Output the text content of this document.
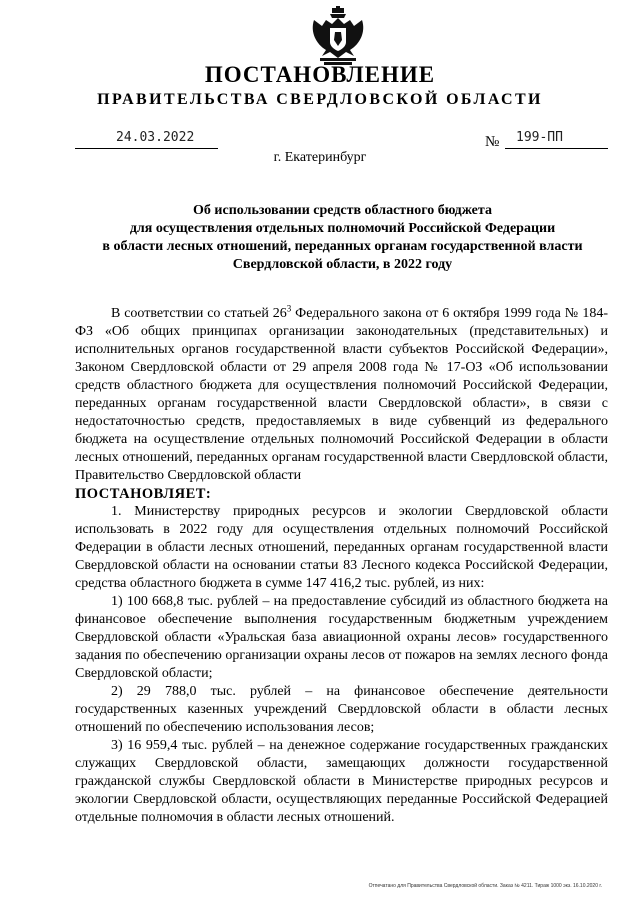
ПОСТАНОВЛЕНИЕ
ПРАВИТЕЛЬСТВА СВЕРДЛОВСКОЙ ОБЛАСТИ
24.03.2022	№ 199-ПП
г. Екатеринбург
Об использовании средств областного бюджета
для осуществления отдельных полномочий Российской Федерации
в области лесных отношений, переданных органам государственной власти
Свердловской области, в 2022 году

В соответствии со статьей $26^3$ Федерального закона от 6 октября 1999 года № 184-ФЗ «Об общих принципах организации законодательных (представительных) и исполнительных органов государственной власти субъектов Российской Федерации», Законом Свердловской области от 29 апреля 2008 года № 17-ОЗ «Об использовании средств областного бюджета для осуществления полномочий Российской Федерации, переданных органам государственной власти Свердловской области», в связи с недостаточностью средств, предоставляемых в виде субвенций из федерального бюджета на осуществление отдельных полномочий Российской Федерации в области лесных отношений, переданных органам государственной власти Свердловской области, Правительство Свердловской области

ПОСТАНОВЛЯЕТ:

1. Министерству природных ресурсов и экологии Свердловской области использовать в 2022 году для осуществления отдельных полномочий Российской Федерации в области лесных отношений, переданных органам государственной власти Свердловской области на основании статьи 83 Лесного кодекса Российской Федерации, средства областного бюджета в сумме 147 416,2 тыс. рублей, из них:

1) 100 668,8 тыс. рублей – на предоставление субсидий из областного бюджета на финансовое обеспечение выполнения государственным бюджетным учреждением Свердловской области «Уральская база авиационной охраны лесов» государственного задания по обеспечению организации охраны лесов от пожаров на землях лесного фонда Свердловской области;

2) 29 788,0 тыс. рублей – на финансовое обеспечение деятельности государственных казенных учреждений Свердловской области в области лесных отношений по обеспечению использования лесов;

3) 16 959,4 тыс. рублей – на денежное содержание государственных гражданских служащих Свердловской области, замещающих должности государственной гражданской службы Свердловской области в Министерстве природных ресурсов и экологии Свердловской области, осуществляющих переданные Российской Федерацией отдельные полномочия в области лесных отношений.

Отпечатано для Правительства Свердловской области. Заказ № 4211. Тираж 1000 экз. 16.10.2020 г.
